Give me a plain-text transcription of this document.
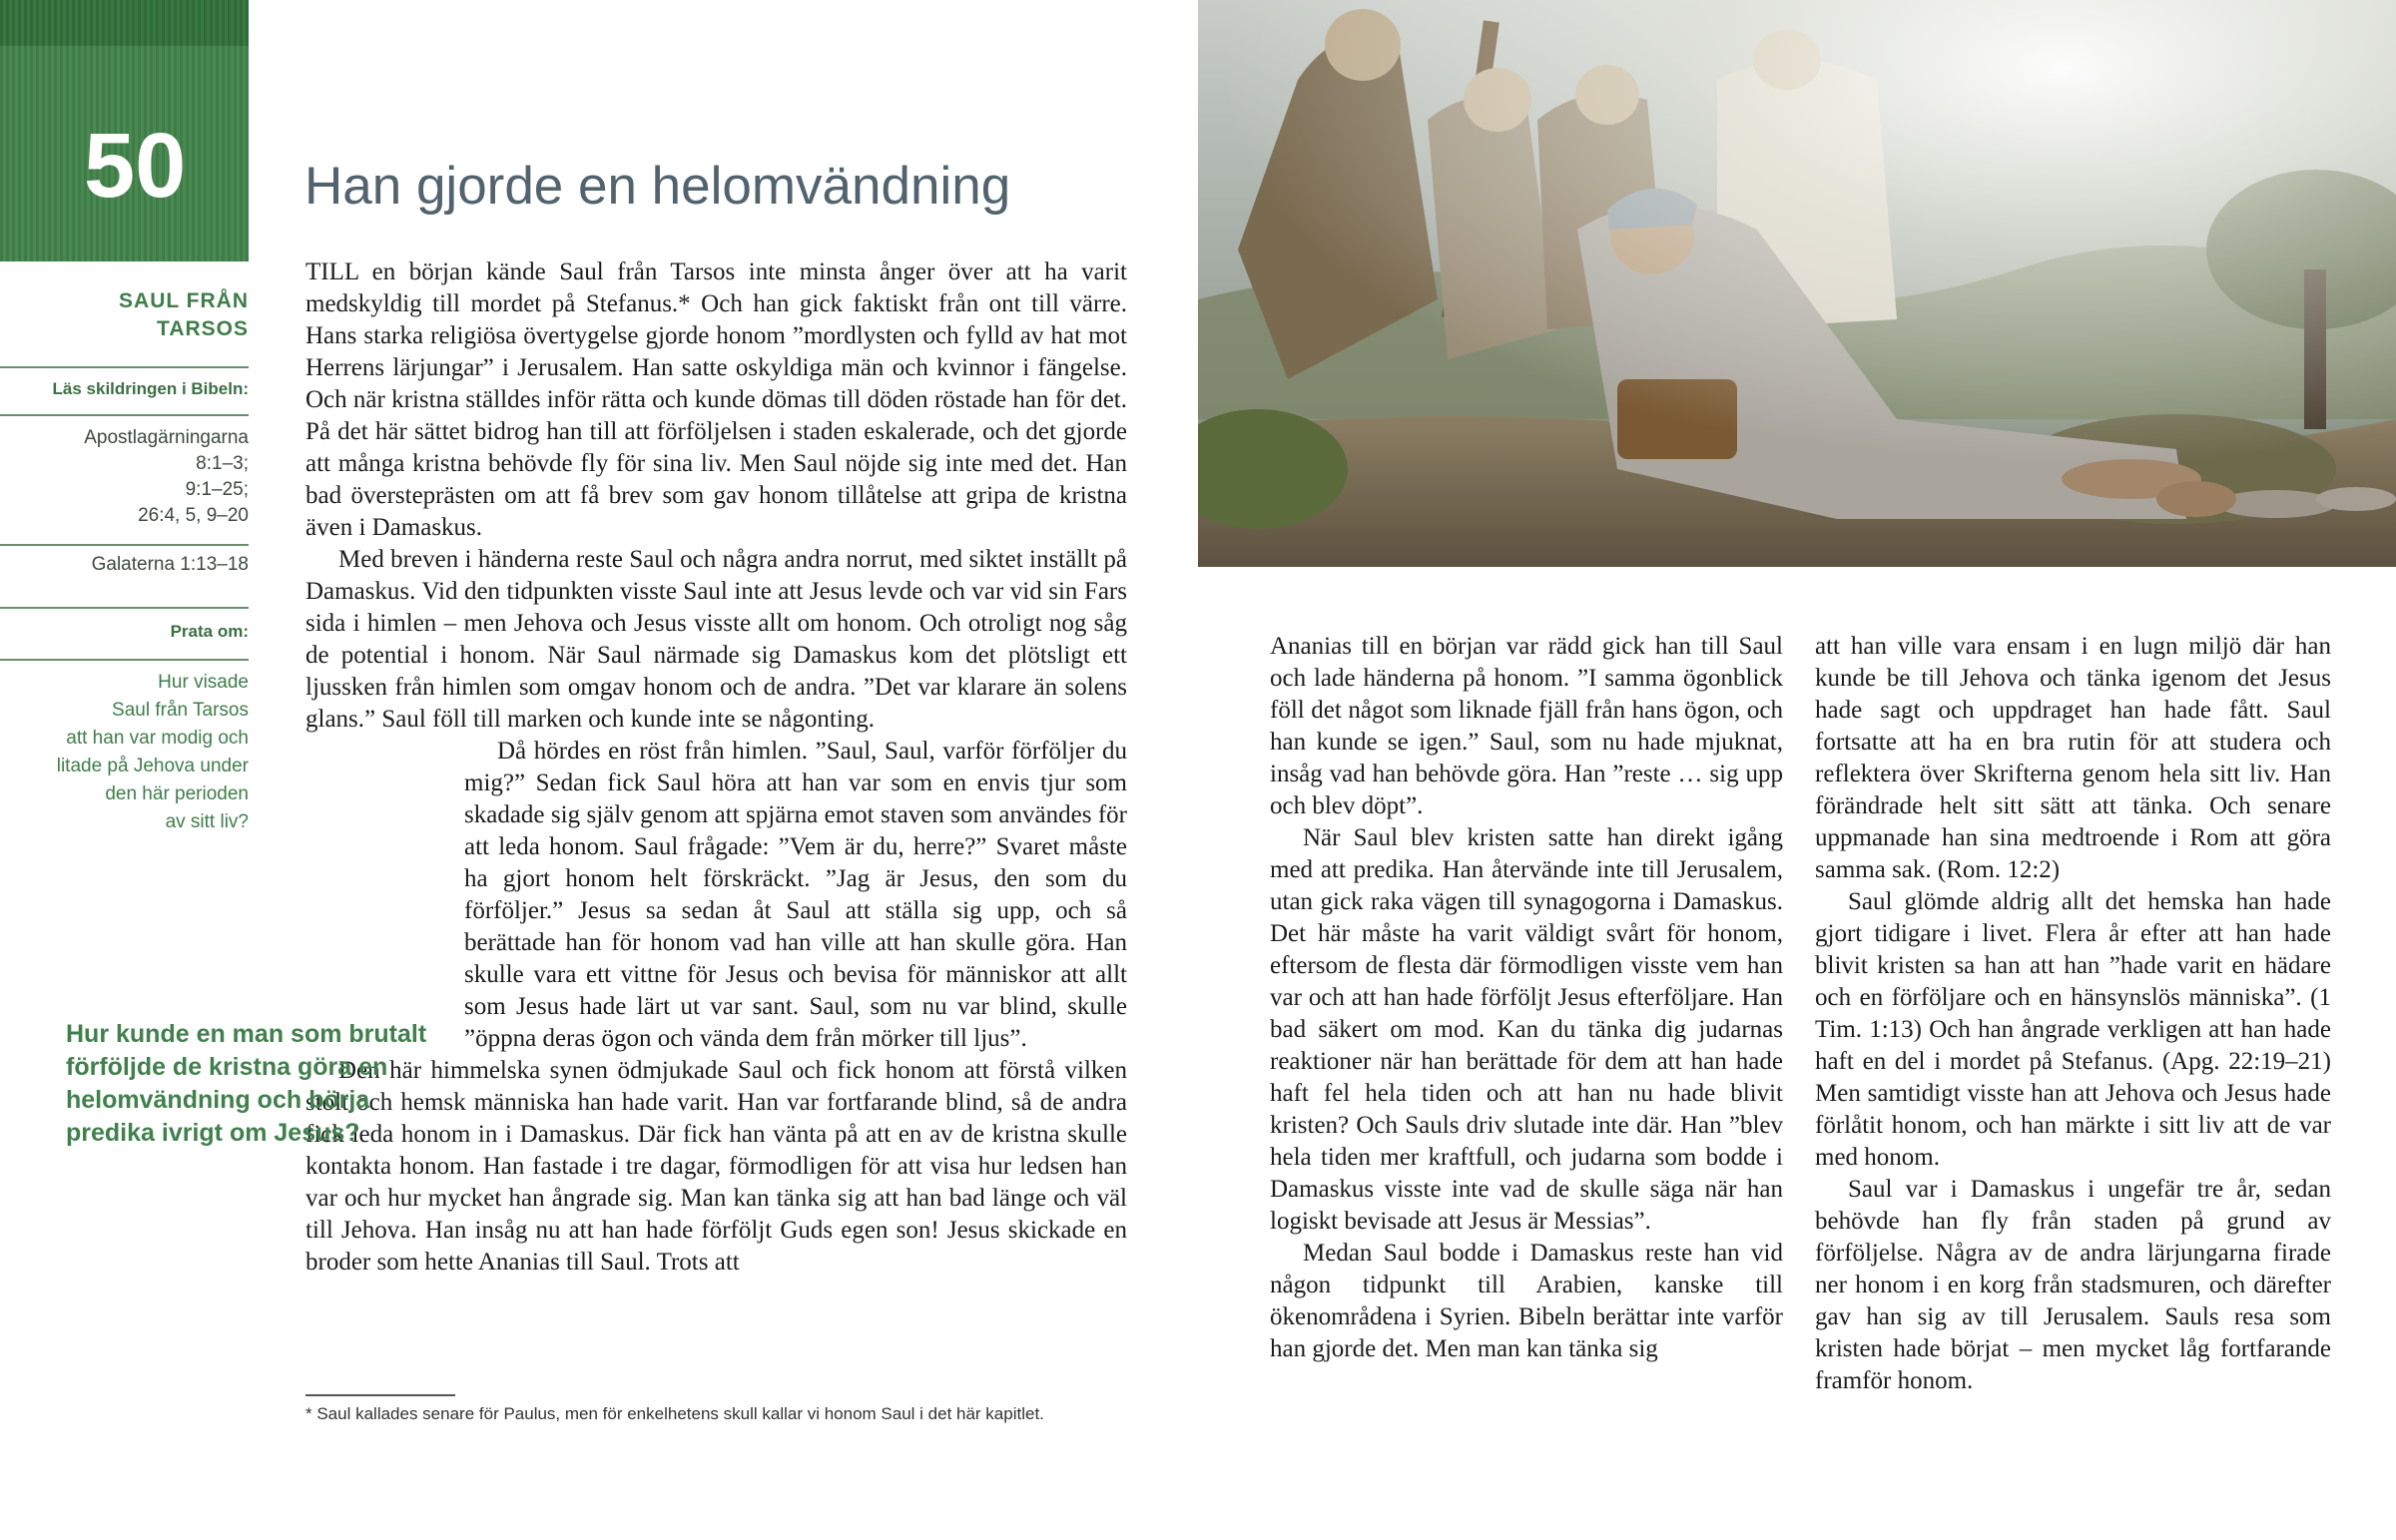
50
SAUL FRÅN
TARSOS
Läs skildringen i Bibeln:
Apostlagärningarna
8:1–3;
9:1–25;
26:4, 5, 9–20
Galaterna 1:13–18
Prata om:
Hur visade
Saul från Tarsos
att han var modig och
litade på Jehova under
den här perioden
av sitt liv?
Han gjorde en helomvändning

TILL en början kände Saul från Tarsos inte minsta ånger över att ha varit medskyldig till mordet på Stefanus.* Och han gick faktiskt från ont till värre. Hans starka religiösa övertygelse gjorde honom ”mordlysten och fylld av hat mot Herrens lärjungar” i Jerusalem. Han satte oskyldiga män och kvinnor i fängelse. Och när kristna ställdes inför rätta och kunde dömas till döden röstade han för det. På det här sättet bidrog han till att förföljelsen i staden eskalerade, och det gjorde att många kristna behövde fly för sina liv. Men Saul nöjde sig inte med det. Han bad översteprästen om att få brev som gav honom tillåtelse att gripa de kristna även i Damaskus.

Med breven i händerna reste Saul och några andra norrut, med siktet inställt på Damaskus. Vid den tidpunkten visste Saul inte att Jesus levde och var vid sin Fars sida i himlen – men Jehova och Jesus visste allt om honom. Och otroligt nog såg de potential i honom. När Saul närmade sig Damaskus kom det plötsligt ett ljussken från himlen som omgav honom och de andra. ”Det var klarare än solens glans.” Saul föll till marken och kunde inte se någonting.

Då hördes en röst från himlen. ”Saul, Saul, varför förföljer du mig?” Sedan fick Saul höra att han var som en envis tjur som skadade sig själv genom att spjärna emot staven som användes för att leda honom. Saul frågade: ”Vem är du, herre?” Svaret måste ha gjort honom helt förskräckt. ”Jag är Jesus, den som du förföljer.” Jesus sa sedan åt Saul att ställa sig upp, och så berättade han för honom vad han ville att han skulle göra. Han skulle vara ett vittne för Jesus och bevisa för människor att allt som Jesus hade lärt ut var sant. Saul, som nu var blind, skulle ”öppna deras ögon och vända dem från mörker till ljus”.

Den här himmelska synen ödmjukade Saul och fick honom att förstå vilken stolt och hemsk människa han hade varit. Han var fortfarande blind, så de andra fick leda honom in i Damaskus. Där fick han vänta på att en av de kristna skulle kontakta honom. Han fastade i tre dagar, förmodligen för att visa hur ledsen han var och hur mycket han ångrade sig. Man kan tänka sig att han bad länge och väl till Jehova. Han insåg nu att han hade förföljt Guds egen son! Jesus skickade en broder som hette Ananias till Saul. Trots att

Hur kunde en man som brutalt förföljde de kristna göra en helomvändning och börja predika ivrigt om Jesus?
* Saul kallades senare för Paulus, men för enkelhetens skull kallar vi honom Saul i det här kapitlet.

Ananias till en början var rädd gick han till Saul och lade händerna på honom. ”I samma ögonblick föll det något som liknade fjäll från hans ögon, och han kunde se igen.” Saul, som nu hade mjuknat, insåg vad han behövde göra. Han ”reste … sig upp och blev döpt”.

När Saul blev kristen satte han direkt igång med att predika. Han återvände inte till Jerusalem, utan gick raka vägen till synagogorna i Damaskus. Det här måste ha varit väldigt svårt för honom, eftersom de flesta där förmodligen visste vem han var och att han hade förföljt Jesus efterföljare. Han bad säkert om mod. Kan du tänka dig judarnas reaktioner när han berättade för dem att han hade haft fel hela tiden och att han nu hade blivit kristen? Och Sauls driv slutade inte där. Han ”blev hela tiden mer kraftfull, och judarna som bodde i Damaskus visste inte vad de skulle säga när han logiskt bevisade att Jesus är Messias”.

Medan Saul bodde i Damaskus reste han vid någon tidpunkt till Arabien, kanske till ökenområdena i Syrien. Bibeln berättar inte varför han gjorde det. Men man kan tänka sig

att han ville vara ensam i en lugn miljö där han kunde be till Jehova och tänka igenom det Jesus hade sagt och uppdraget han hade fått. Saul fortsatte att ha en bra rutin för att studera och reflektera över Skrifterna genom hela sitt liv. Han förändrade helt sitt sätt att tänka. Och senare uppmanade han sina medtroende i Rom att göra samma sak. (Rom. 12:2)

Saul glömde aldrig allt det hemska han hade gjort tidigare i livet. Flera år efter att han hade blivit kristen sa han att han ”hade varit en hädare och en förföljare och en hänsynslös människa”. (1 Tim. 1:13) Och han ångrade verkligen att han hade haft en del i mordet på Stefanus. (Apg. 22:19–21) Men samtidigt visste han att Jehova och Jesus hade förlåtit honom, och han märkte i sitt liv att de var med honom.

Saul var i Damaskus i ungefär tre år, sedan behövde han fly från staden på grund av förföljelse. Några av de andra lärjungarna firade ner honom i en korg från stadsmuren, och därefter gav han sig av till Jerusalem. Sauls resa som kristen hade börjat – men mycket låg fortfarande framför honom.
